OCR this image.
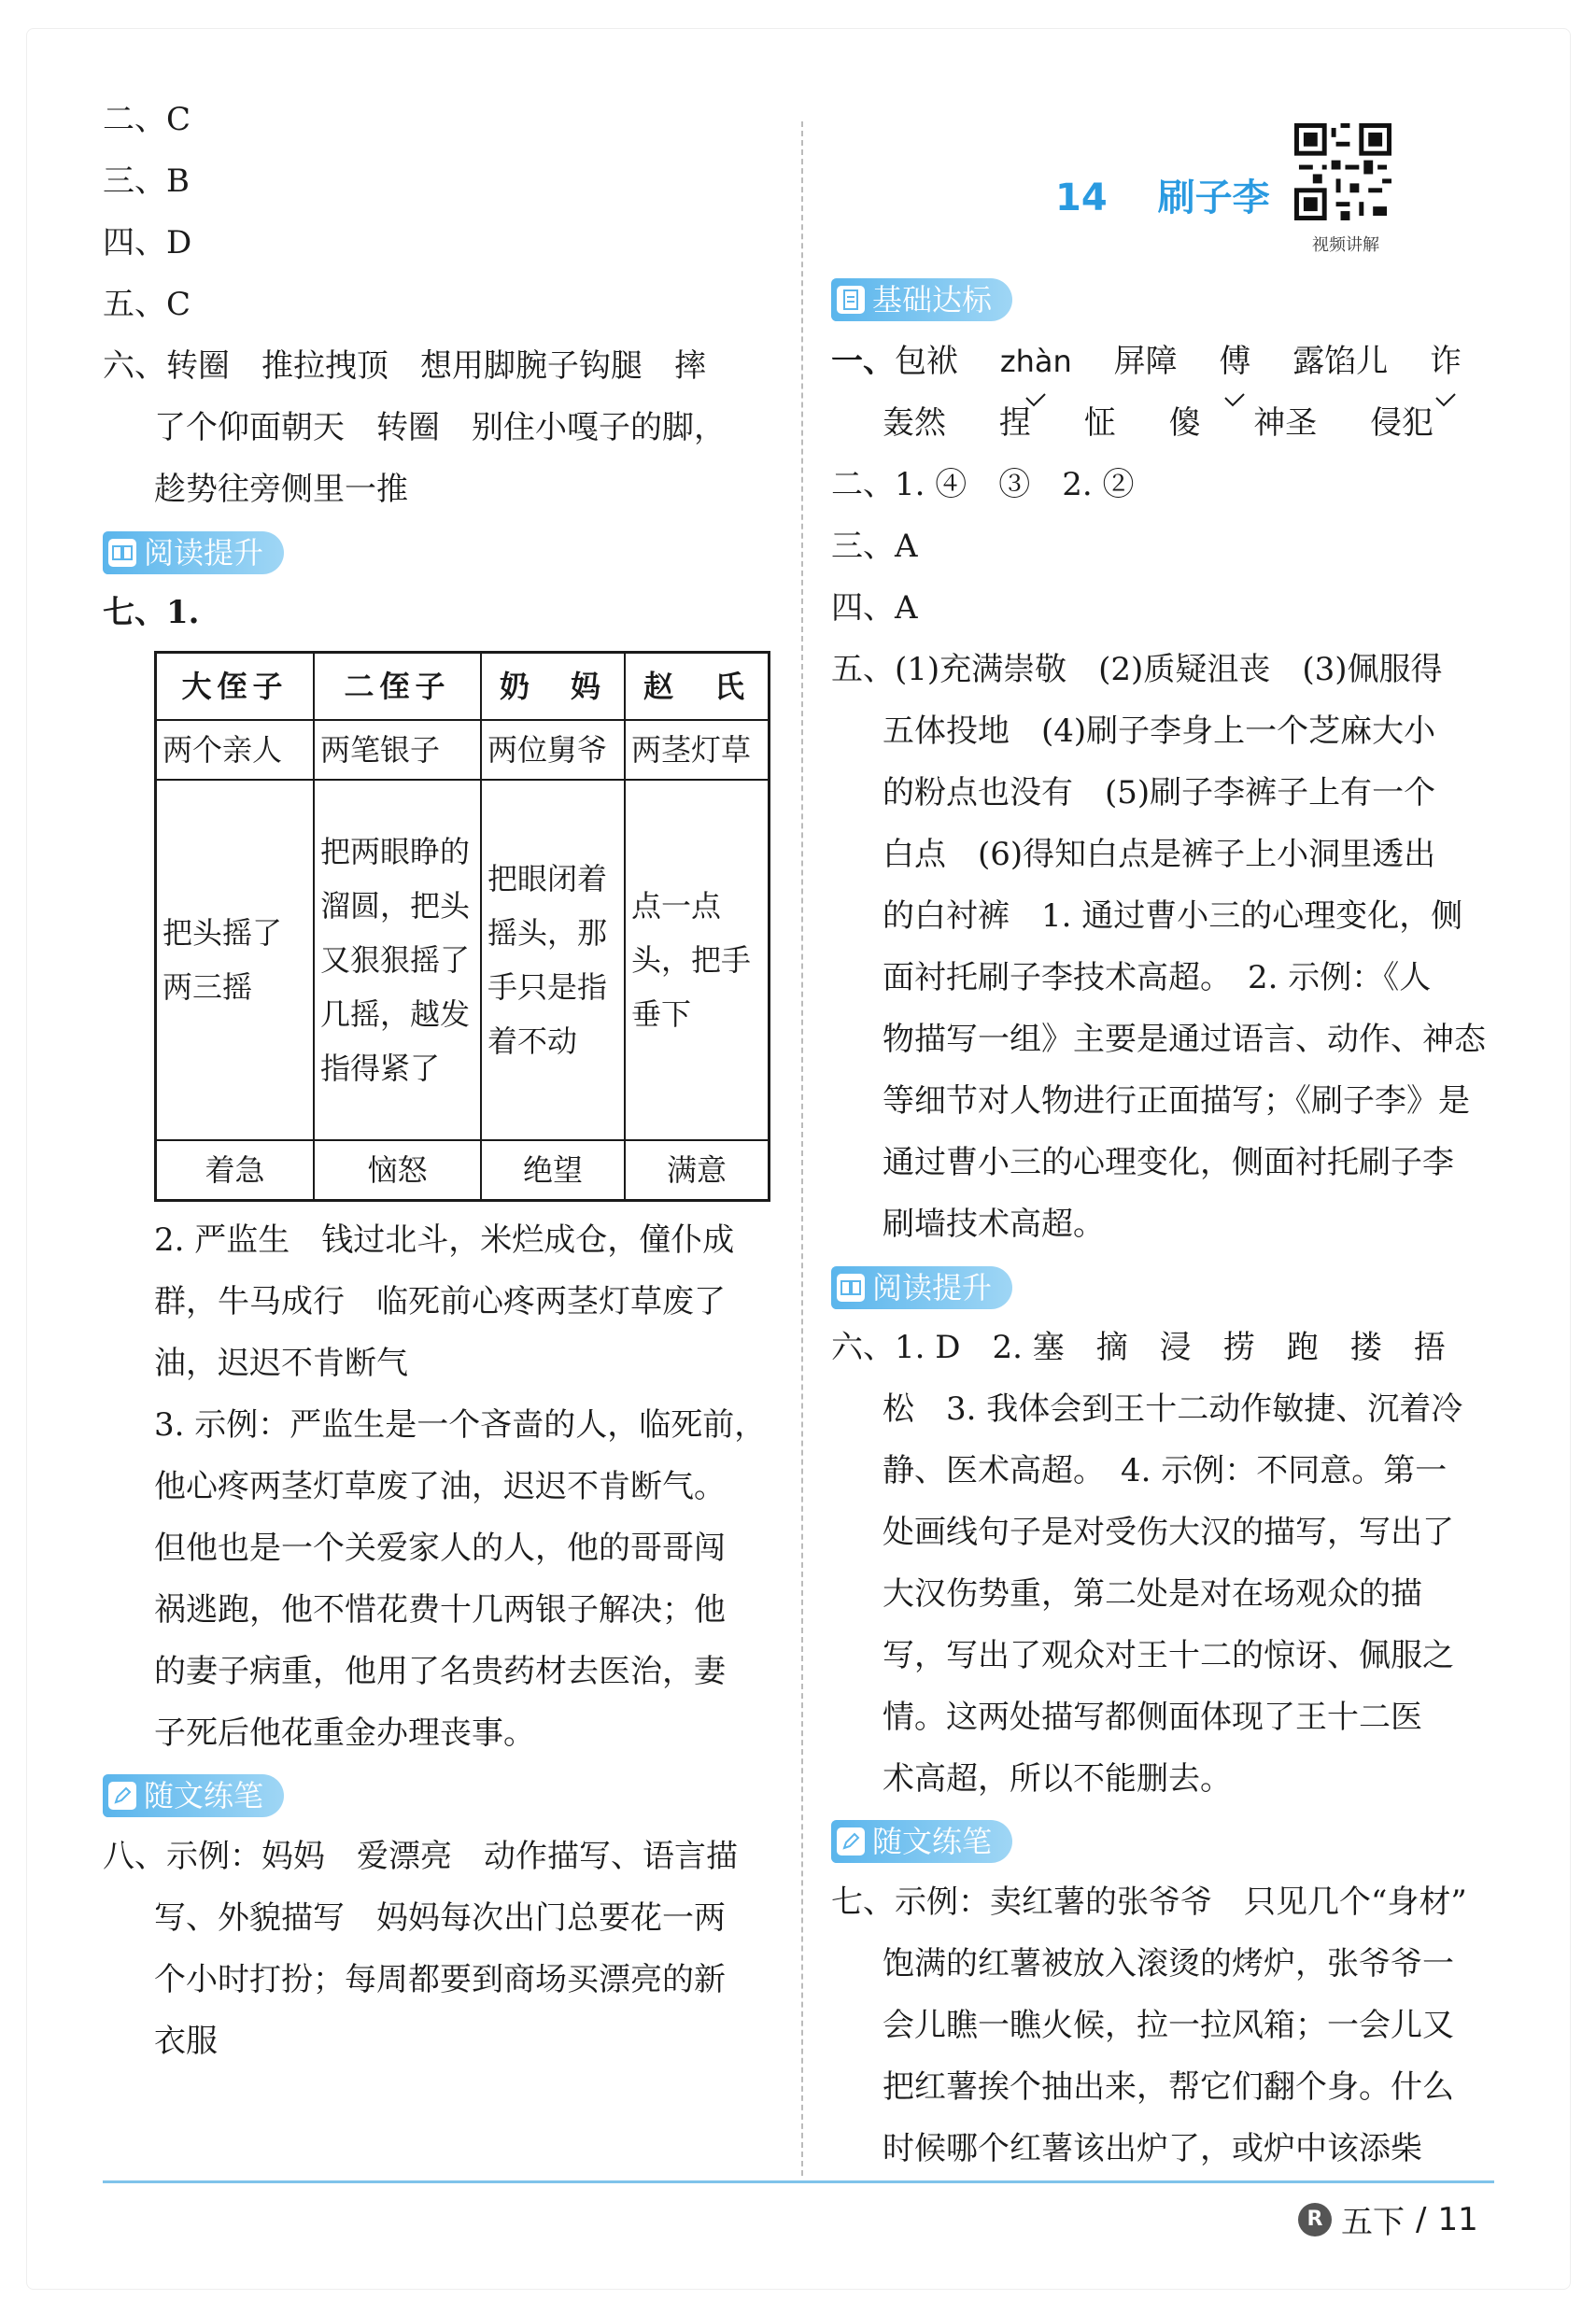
二、C
三、B
四、D
五、C
六、转圈　推拉拽顶　想用脚腕子钩腿　摔
了个仰面朝天　转圈　别住小嘎子的脚，
趁势往旁侧里一推
阅读提升
七、1.
大侄子	二侄子	奶　妈	赵　氏
两个亲人	两笔银子	两位舅爷	两茎灯草
把头摇了两三摇	把两眼睁的溜圆，把头又狠狠摇了几摇，越发指得紧了	把眼闭着摇头，那手只是指着不动	点一点头，把手垂下
着急	恼怒	绝望	满意
2. 严监生　钱过北斗，米烂成仓，僮仆成
群，牛马成行　临死前心疼两茎灯草废了
油，迟迟不肯断气
3. 示例：严监生是一个吝啬的人，临死前，
他心疼两茎灯草废了油，迟迟不肯断气。
但他也是一个关爱家人的人，他的哥哥闯
祸逃跑，他不惜花费十几两银子解决；他
的妻子病重，他用了名贵药材去医治，妻
子死后他花重金办理丧事。
随文练笔
八、示例：妈妈　爱漂亮　动作描写、语言描
写、外貌描写　妈妈每次出门总要花一两
个小时打扮；每周都要到商场买漂亮的新
衣服
14 刷子李
视频讲解
基础达标
一、包袱 zhàn 屏障 傅 露馅儿 诈
轰然 捏 怔 傻 神圣 侵犯
二、1. ④　③　2. ②
三、A
四、A
五、(1)充满崇敬　(2)质疑沮丧　(3)佩服得
五体投地　(4)刷子李身上一个芝麻大小
的粉点也没有　(5)刷子李裤子上有一个
白点　(6)得知白点是裤子上小洞里透出
的白衬裤　1. 通过曹小三的心理变化，侧
面衬托刷子李技术高超。　2. 示例：《人
物描写一组》主要是通过语言、动作、神态
等细节对人物进行正面描写；《刷子李》是
通过曹小三的心理变化，侧面衬托刷子李
刷墙技术高超。
阅读提升
六、1. D　2. 塞　摘　浸　捞　跑　搂　捂
松　3. 我体会到王十二动作敏捷、沉着冷
静、医术高超。　4. 示例：不同意。第一
处画线句子是对受伤大汉的描写，写出了
大汉伤势重，第二处是对在场观众的描
写，写出了观众对王十二的惊讶、佩服之
情。这两处描写都侧面体现了王十二医
术高超，所以不能删去。
随文练笔
七、示例：卖红薯的张爷爷　只见几个“身材”
饱满的红薯被放入滚烫的烤炉，张爷爷一
会儿瞧一瞧火候，拉一拉风箱；一会儿又
把红薯挨个抽出来，帮它们翻个身。什么
时候哪个红薯该出炉了，或炉中该添柴
R 五下 / 11
